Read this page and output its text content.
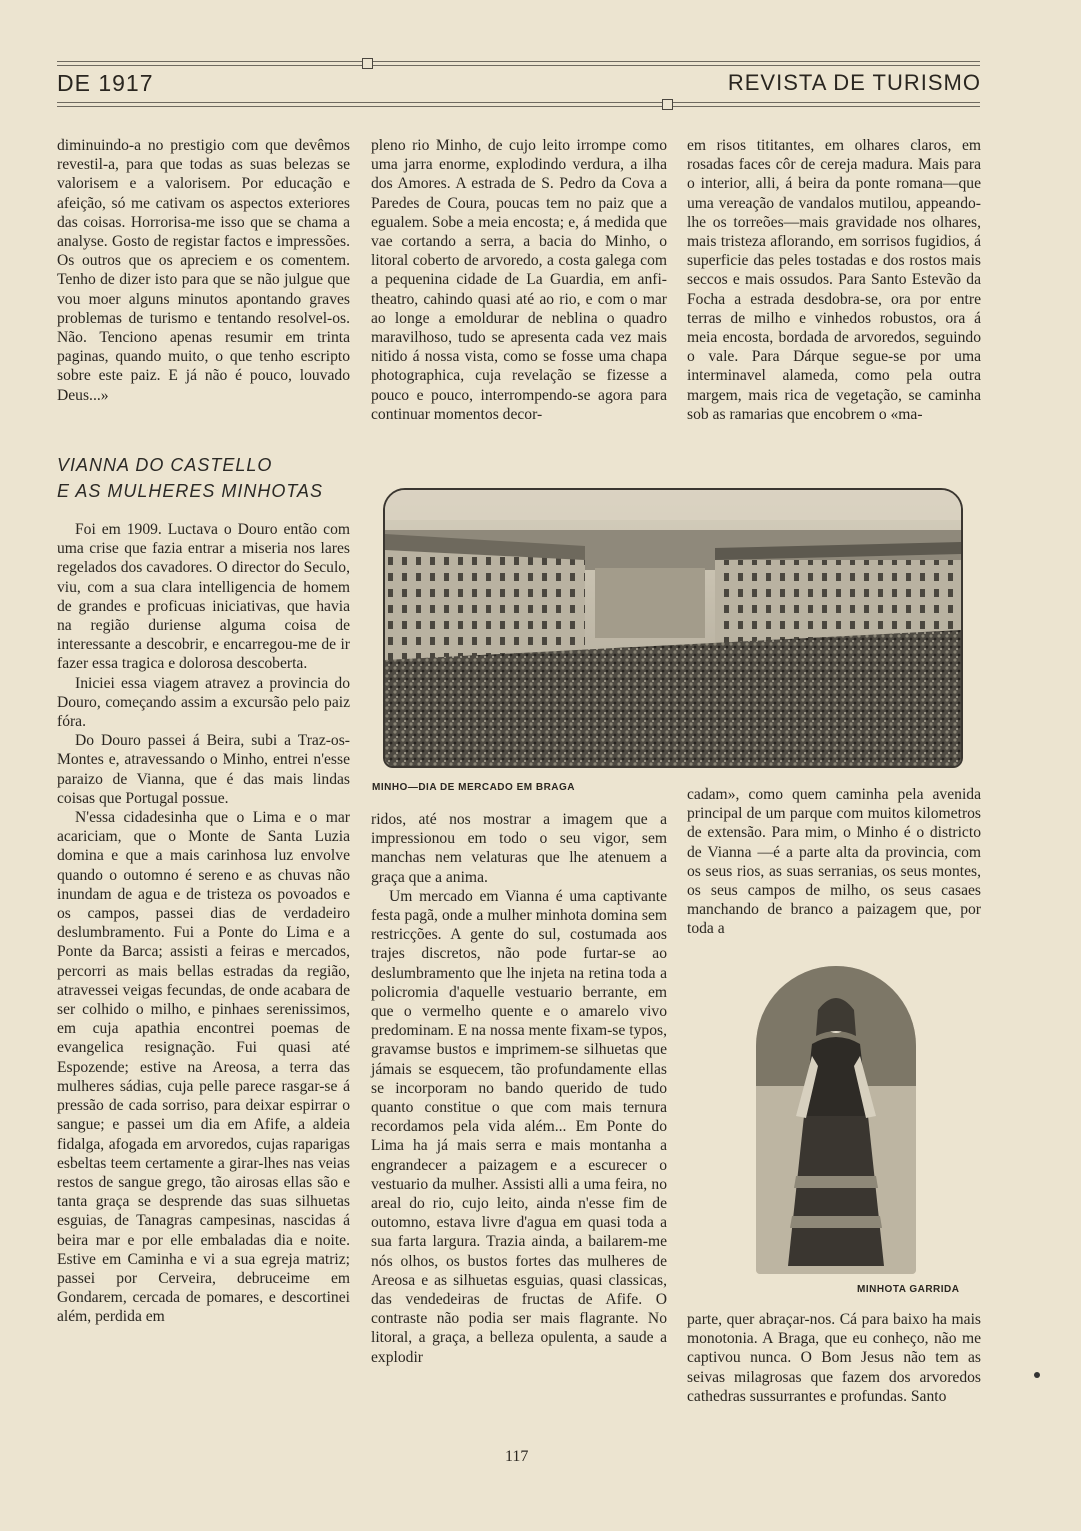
DE 1917	REVISTA DE TURISMO

diminuindo-a no prestigio com que devêmos revestil-a, para que todas as suas belezas se valorisem e a valorisem. Por educação e afeição, só me cativam os aspectos exteriores das coisas. Horrorisa-me isso que se chama a analyse. Gosto de registar factos e impressões. Os outros que os apreciem e os comentem. Tenho de dizer isto para que se não julgue que vou moer alguns minutos apontando graves problemas de turismo e tentando resolvel-os. Não. Tenciono apenas resumir em trinta paginas, quando muito, o que tenho escripto sobre este paiz. E já não é pouco, louvado Deus...»

VIANNA DO CASTELLO
E AS MULHERES MINHOTAS

Foi em 1909. Luctava o Douro então com uma crise que fazia entrar a miseria nos lares regelados dos cavadores. O director do Seculo, viu, com a sua clara intelligencia de homem de grandes e proficuas iniciativas, que havia na região duriense alguma coisa de interessante a descobrir, e encarregou-me de ir fazer essa tragica e dolorosa descoberta.

Iniciei essa viagem atravez a provincia do Douro, começando assim a excursão pelo paiz fóra.

Do Douro passei á Beira, subi a Traz-os-Montes e, atravessando o Minho, entrei n'esse paraizo de Vianna, que é das mais lindas coisas que Portugal possue.

N'essa cidadesinha que o Lima e o mar acariciam, que o Monte de Santa Luzia domina e que a mais carinhosa luz envolve quando o outomno é sereno e as chuvas não inundam de agua e de tristeza os povoados e os campos, passei dias de verdadeiro deslumbramento. Fui a Ponte do Lima e a Ponte da Barca; assisti a feiras e mercados, percorri as mais bellas estradas da região, atravessei veigas fecundas, de onde acabara de ser colhido o milho, e pinhaes serenissimos, em cuja apathia encontrei poemas de evangelica resignação. Fui quasi até Espozende; estive na Areosa, a terra das mulheres sádias, cuja pelle parece rasgar-se á pressão de cada sorriso, para deixar espirrar o sangue; e passei um dia em Afife, a aldeia fidalga, afogada em arvoredos, cujas raparigas esbeltas teem certamente a girar-lhes nas veias restos de sangue grego, tão airosas ellas são e tanta graça se desprende das suas silhuetas esguias, de Tanagras campesinas, nascidas á beira mar e por elle embaladas dia e noite. Estive em Caminha e vi a sua egreja matriz; passei por Cerveira, debruceime em Gondarem, cercada de pomares, e descortinei além, perdida em

pleno rio Minho, de cujo leito irrompe como uma jarra enorme, explodindo verdura, a ilha dos Amores. A estrada de S. Pedro da Cova a Paredes de Coura, poucas tem no paiz que a egualem. Sobe a meia encosta; e, á medida que vae cortando a serra, a bacia do Minho, o litoral coberto de arvoredo, a costa galega com a pequenina cidade de La Guardia, em anfi-theatro, cahindo quasi até ao rio, e com o mar ao longe a emoldurar de neblina o quadro maravilhoso, tudo se apresenta cada vez mais nitido á nossa vista, como se fosse uma chapa photographica, cuja revelação se fizesse a pouco e pouco, interrompendo-se agora para continuar momentos decor-

em risos tititantes, em olhares claros, em rosadas faces côr de cereja madura. Mais para o interior, alli, á beira da ponte romana—que uma vereação de vandalos mutilou, appeando-lhe os torreões—mais gravidade nos olhares, mais tristeza aflorando, em sorrisos fugidios, á superficie das peles tostadas e dos rostos mais seccos e mais ossudos. Para Santo Estevão da Focha a estrada desdobra-se, ora por entre terras de milho e vinhedos robustos, ora á meia encosta, bordada de arvoredos, seguindo o vale. Para Dárque segue-se por uma interminavel alameda, como pela outra margem, mais rica de vegetação, se caminha sob as ramarias que encobrem o «ma-

MINHO—DIA DE MERCADO EM BRAGA

ridos, até nos mostrar a imagem que a impressionou em todo o seu vigor, sem manchas nem velaturas que lhe atenuem a graça que a anima.

Um mercado em Vianna é uma captivante festa pagã, onde a mulher minhota domina sem restricções. A gente do sul, costumada aos trajes discretos, não pode furtar-se ao deslumbramento que lhe injeta na retina toda a policromia d'aquelle vestuario berrante, em que o vermelho quente e o amarelo vivo predominam. E na nossa mente fixam-se typos, gravamse bustos e imprimem-se silhuetas que jámais se esquecem, tão profundamente ellas se incorporam no bando querido de tudo quanto constitue o que com mais ternura recordamos pela vida além... Em Ponte do Lima ha já mais serra e mais montanha a engrandecer a paizagem e a escurecer o vestuario da mulher. Assisti alli a uma feira, no areal do rio, cujo leito, ainda n'esse fim de outomno, estava livre d'agua em quasi toda a sua farta largura. Trazia ainda, a bailarem-me nós olhos, os bustos fortes das mulheres de Areosa e as silhuetas esguias, quasi classicas, das vendedeiras de fructas de Afife. O contraste não podia ser mais flagrante. No litoral, a graça, a belleza opulenta, a saude a explodir

cadam», como quem caminha pela avenida principal de um parque com muitos kilometros de extensão. Para mim, o Minho é o districto de Vianna —é a parte alta da provincia, com os seus rios, as suas serranias, os seus montes, os seus campos de milho, os seus casaes manchando de branco a paizagem que, por toda a

MINHOTA GARRIDA

parte, quer abraçar-nos. Cá para baixo ha mais monotonia. A Braga, que eu conheço, não me captivou nunca. O Bom Jesus não tem as seivas milagrosas que fazem dos arvoredos cathedras sussurrantes e profundas. Santo

117
